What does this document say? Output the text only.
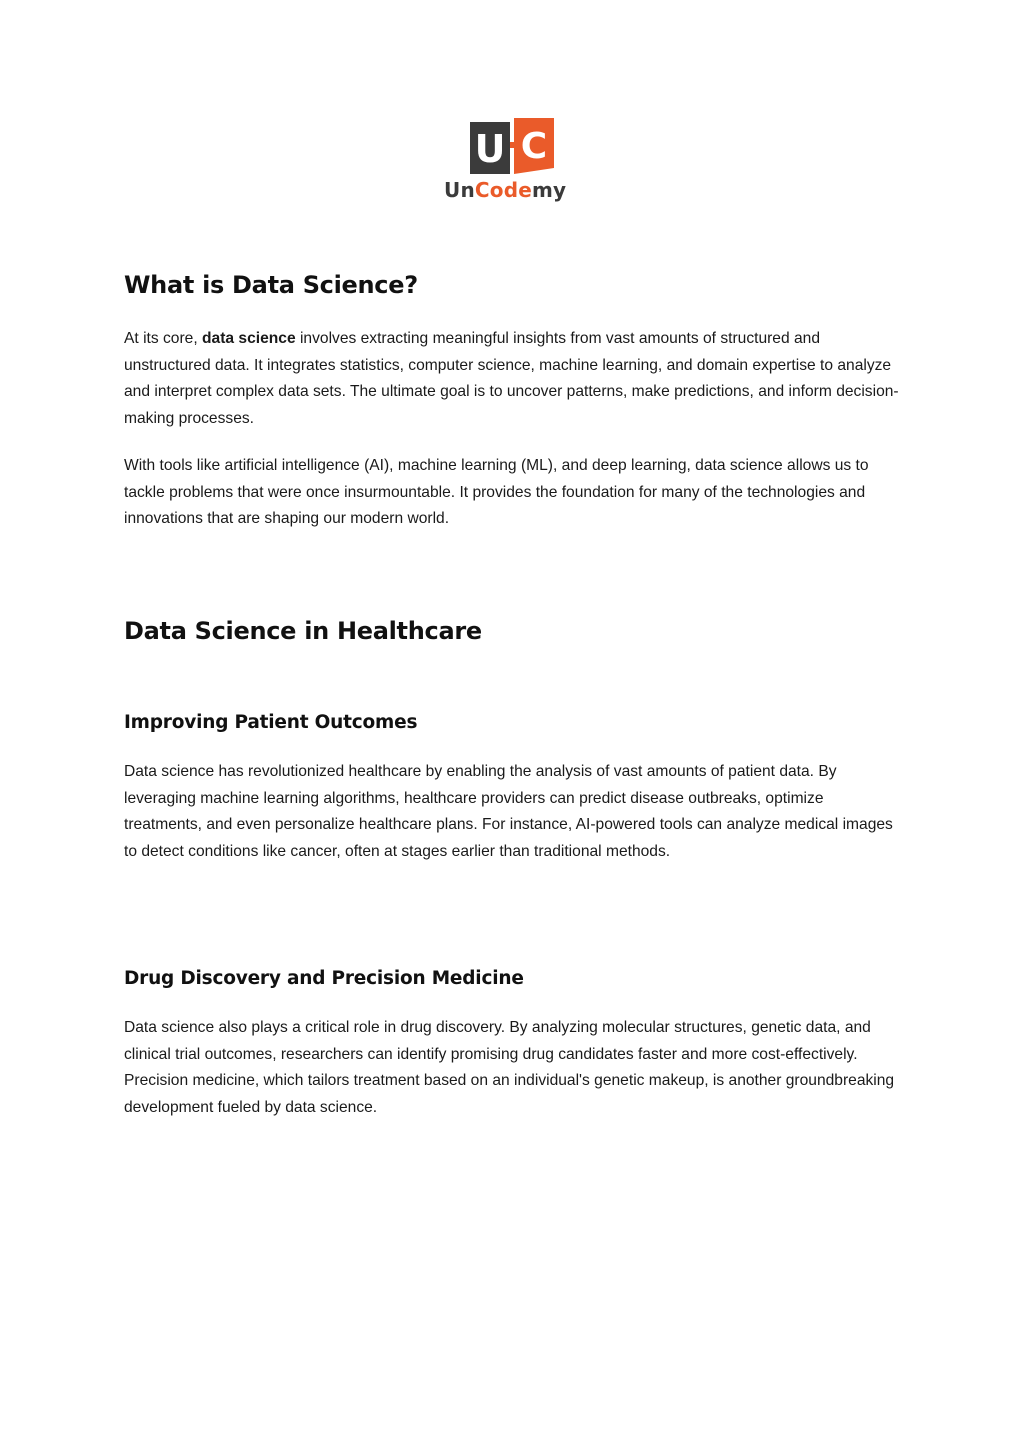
U C
UnCodemy
What is Data Science?

At its core, data science involves extracting meaningful insights from vast amounts of structured and unstructured data. It integrates statistics, computer science, machine learning, and domain expertise to analyze and interpret complex data sets. The ultimate goal is to uncover patterns, make predictions, and inform decision-making processes.

With tools like artificial intelligence (AI), machine learning (ML), and deep learning, data science allows us to tackle problems that were once insurmountable. It provides the foundation for many of the technologies and innovations that are shaping our modern world.

Data Science in Healthcare
Improving Patient Outcomes

Data science has revolutionized healthcare by enabling the analysis of vast amounts of patient data. By leveraging machine learning algorithms, healthcare providers can predict disease outbreaks, optimize treatments, and even personalize healthcare plans. For instance, AI-powered tools can analyze medical images to detect conditions like cancer, often at stages earlier than traditional methods.

Drug Discovery and Precision Medicine

Data science also plays a critical role in drug discovery. By analyzing molecular structures, genetic data, and clinical trial outcomes, researchers can identify promising drug candidates faster and more cost-effectively. Precision medicine, which tailors treatment based on an individual's genetic makeup, is another groundbreaking development fueled by data science.
